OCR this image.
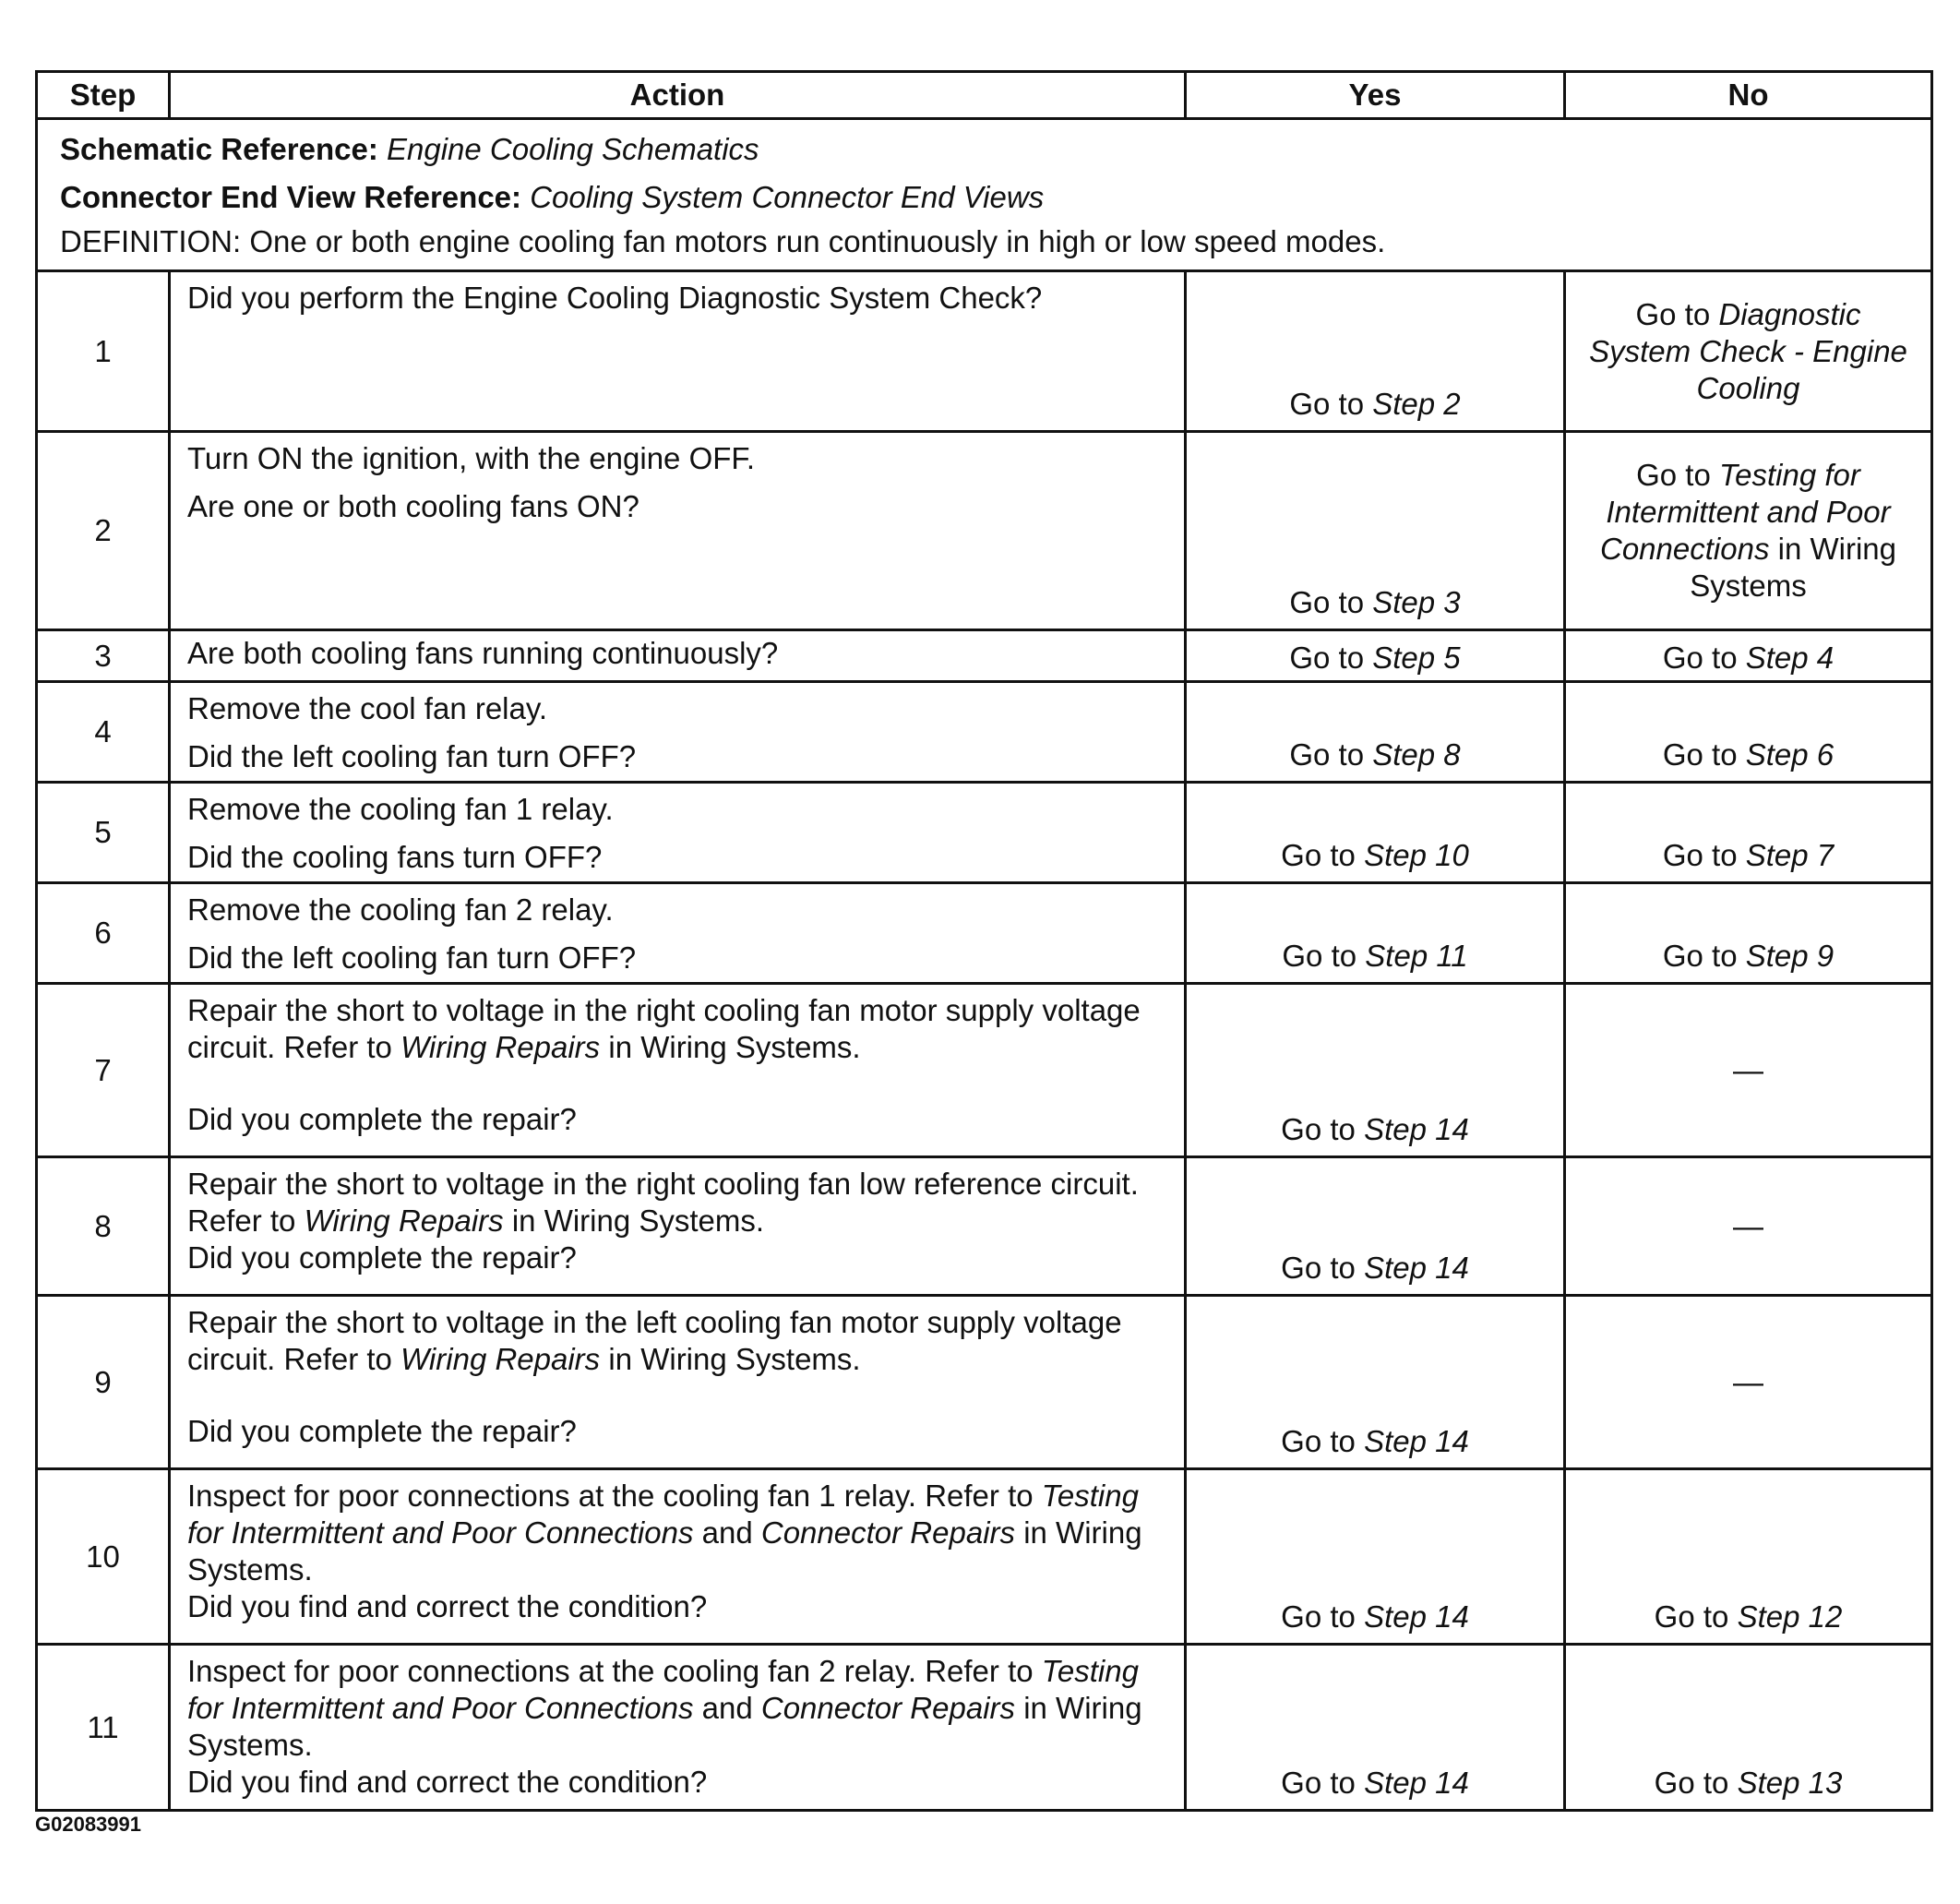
Step	Action	Yes	No

Schematic Reference: Engine Cooling Schematics
Connector End View Reference: Cooling System Connector End Views
DEFINITION: One or both engine cooling fan motors run continuously in high or low speed modes.			

1	Did you perform the Engine Cooling Diagnostic System Check?	Go to Step 2	Go to Diagnostic System Check - Engine Cooling
2	Turn ON the ignition, with the engine OFF.
Are one or both cooling fans ON?	Go to Step 3	Go to Testing for Intermittent and Poor Connections in Wiring Systems
3	Are both cooling fans running continuously?	Go to Step 5	Go to Step 4
4	Remove the cool fan relay.
Did the left cooling fan turn OFF?	Go to Step 8	Go to Step 6
5	Remove the cooling fan 1 relay.
Did the cooling fans turn OFF?	Go to Step 10	Go to Step 7
6	Remove the cooling fan 2 relay.
Did the left cooling fan turn OFF?	Go to Step 11	Go to Step 9
7	Repair the short to voltage in the right cooling fan motor supply voltage circuit. Refer to Wiring Repairs in Wiring Systems.
Did you complete the repair?	Go to Step 14	—
8	Repair the short to voltage in the right cooling fan low reference circuit. Refer to Wiring Repairs in Wiring Systems.
Did you complete the repair?	Go to Step 14	—
9	Repair the short to voltage in the left cooling fan motor supply voltage circuit. Refer to Wiring Repairs in Wiring Systems.
Did you complete the repair?	Go to Step 14	—
10	Inspect for poor connections at the cooling fan 1 relay. Refer to Testing for Intermittent and Poor Connections and Connector Repairs in Wiring Systems.
Did you find and correct the condition?	Go to Step 14	Go to Step 12
11	Inspect for poor connections at the cooling fan 2 relay. Refer to Testing for Intermittent and Poor Connections and Connector Repairs in Wiring Systems.
Did you find and correct the condition?	Go to Step 14	Go to Step 13
G02083991
